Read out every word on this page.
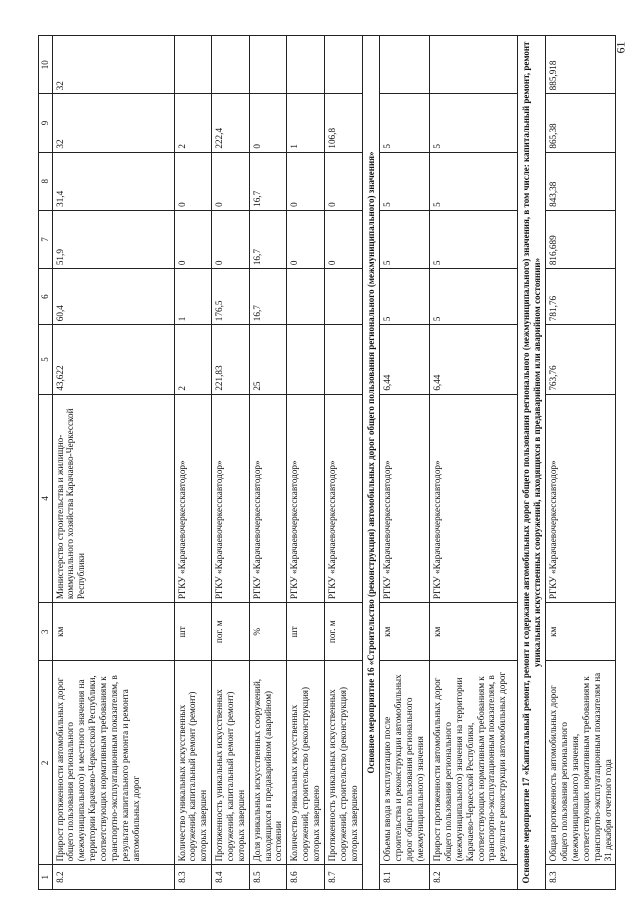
61
1	2	3	4	5	6	7	8	9	10
8.2	Прирост протяженности автомобильных дорог общего пользования регионального (межмуниципального) и местного значения на территории Карачаево-Черкесской Республики, соответствующих нормативным требованиям к транспортно-эксплуатационным показателям, в результате капитального ремонта и ремонта автомобильных дорог	км	Министерство строительства и жилищно-коммунального хозяйства Карачаево-Черкесской Республики	43,622	60,4	51,9	31,4	32	32
8.3	Количество уникальных искусственных сооружений, капитальный ремонт (ремонт) которых завершен	шт	РГКУ «Карачаевочеркесскавтодор»	2	1	0	0	2	
8.4	Протяженность уникальных искусственных сооружений, капитальный ремонт (ремонт) которых завершен	пог. м	РГКУ «Карачаевочеркесскавтодор»	221,83	176,5	0	0	222,4	
8.5	Доля уникальных искусственных сооружений, находящихся в предаварийном (аварийном) состоянии	%	РГКУ «Карачаевочеркесскавтодор»	25	16,7	16,7	16,7	0	
8.6	Количество уникальных искусственных сооружений, строительство (реконструкция) которых завершено	шт	РГКУ «Карачаевочеркесскавтодор»			0	0	1	
8.7	Протяженность уникальных искусственных сооружений, строительство (реконструкция) которых завершено	пог. м	РГКУ «Карачаевочеркесскавтодор»			0	0	106,8	
Основное мероприятие 16 «Строительство (реконструкция) автомобильных дорог общего пользования регионального (межмуниципального) значения»									
8.1	Объемы ввода в эксплуатацию после строительства и реконструкции автомобильных дорог общего пользования регионального (межмуниципального) значения	км	РГКУ «Карачаевочеркесскавтодор»	6,44	5	5	5	5	
8.2	Прирост протяженности автомобильных дорог общего пользования регионального (межмуниципального) значения на территории Карачаево-Черкесской Республики, соответствующих нормативным требованиям к транспортно-эксплуатационным показателям, в результате реконструкции автомобильных дорог	км	РГКУ «Карачаевочеркесскавтодор»	6,44	5	5	5	5	
Основное мероприятие 17 «Капитальный ремонт, ремонт и содержание автомобильных дорог общего пользования регионального (межмуниципального) значения, в том числе: капитальный ремонт, ремонт уникальных искусственных сооружений, находящихся в предаварийном или аварийном состоянии»									
8.3	Общая протяженность автомобильных дорог общего пользования регионального (межмуниципального) значения, соответствующих нормативным требованиям к транспортно-эксплуатационным показателям на 31 декабря отчетного года	км	РГКУ «Карачаевочеркесскавтодор»	763,76	781,76	816,689	843,38	865,38	885,918
